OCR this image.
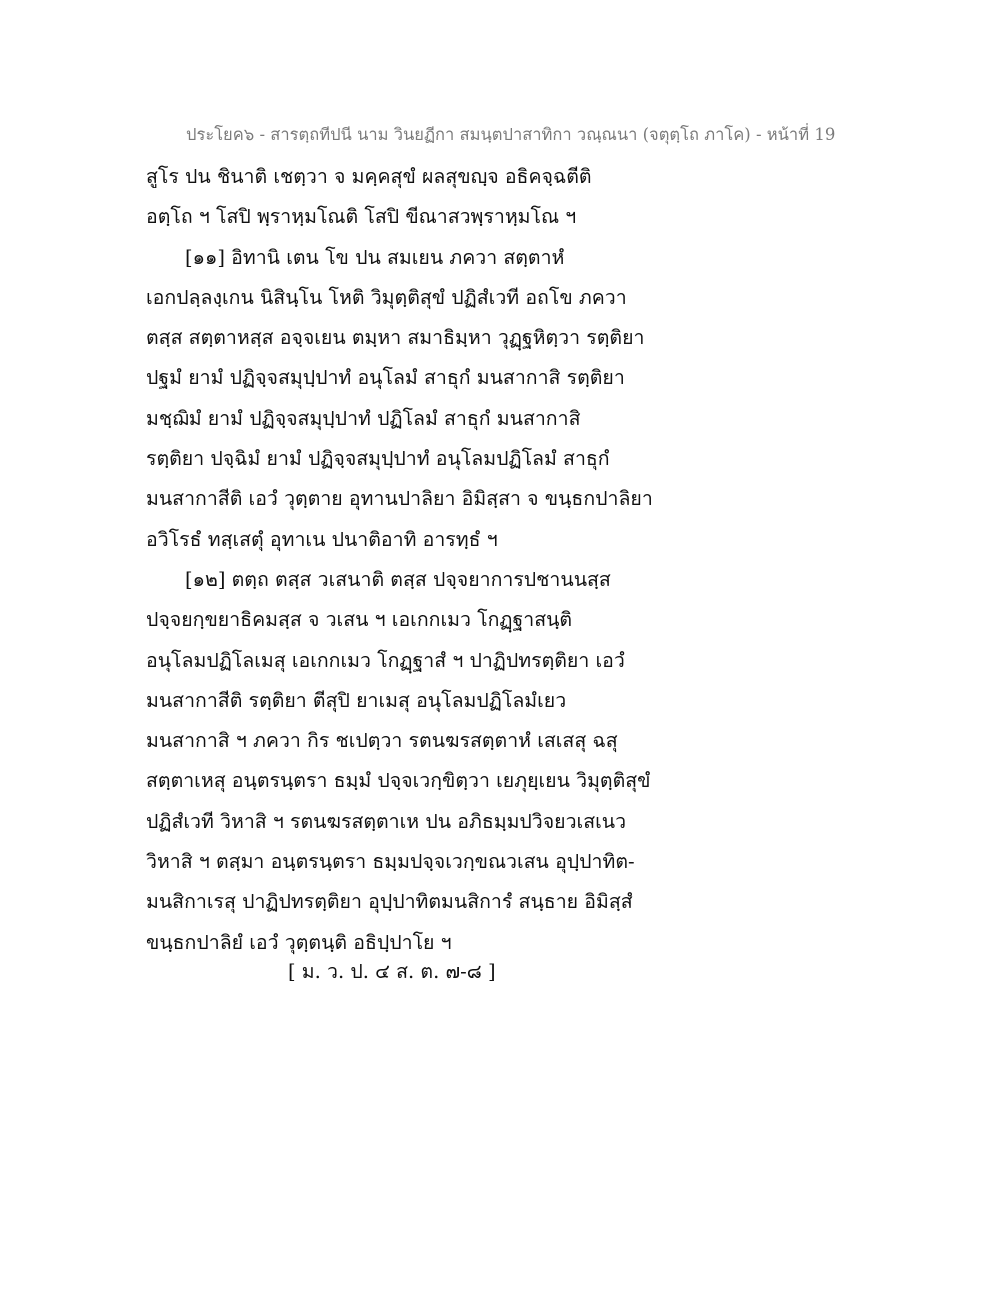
ประโยค๖ - สารตฺถทีปนี นาม วินยฏีกา สมนฺตปาสาทิกา วณฺณนา (จตุตฺโถ ภาโค) - หน้าที่ 19
สูโร ปน ชินาติ เชตฺวา จ มคฺคสุขํ ผลสุขญฺจ อธิคจฺฉตีติ
อตฺโถ ฯ โสปิ พฺราหฺมโณติ โสปิ ขีณาสวพฺราหฺมโณ ฯ
[๑๑] อิทานิ เตน โข ปน สมเยน ภควา สตฺตาหํ
เอกปลฺลงฺเกน นิสินฺโน โหติ วิมุตฺติสุขํ ปฏิสํเวที อถโข ภควา
ตสฺส สตฺตาหสฺส อจฺจเยน ตมฺหา สมาธิมฺหา วุฏฺฐหิตฺวา รตฺติยา
ปฐมํ ยามํ ปฏิจฺจสมุปฺปาทํ อนุโลมํ สาธุกํ มนสากาสิ รตฺติยา
มชฺฌิมํ ยามํ ปฏิจฺจสมุปฺปาทํ ปฏิโลมํ สาธุกํ มนสากาสิ
รตฺติยา ปจฺฉิมํ ยามํ ปฏิจฺจสมุปฺปาทํ อนุโลมปฏิโลมํ สาธุกํ
มนสากาสีติ เอวํ วุตฺตาย อุทานปาลิยา อิมิสฺสา จ ขนฺธกปาลิยา
อวิโรธํ ทสฺเสตุํ อุทาเน ปนาติอาทิ อารทฺธํ ฯ
[๑๒] ตตฺถ ตสฺส วเสนาติ ตสฺส ปจฺจยาการปชานนสฺส
ปจฺจยกฺขยาธิคมสฺส จ วเสน ฯ เอเกกเมว โกฏฺฐาสนฺติ
อนุโลมปฏิโลเมสุ เอเกกเมว โกฏฺฐาสํ ฯ ปาฏิปทรตฺติยา เอวํ
มนสากาสีติ รตฺติยา ตีสุปิ ยาเมสุ อนุโลมปฏิโลมํเยว
มนสากาสิ ฯ ภควา กิร ชเปตฺวา รตนฆรสตฺตาหํ เสเสสุ ฉสุ
สตฺตาเหสุ อนฺตรนฺตรา ธมฺมํ ปจฺจเวกฺขิตฺวา เยภุยฺเยน วิมุตฺติสุขํ
ปฏิสํเวที วิหาสิ ฯ รตนฆรสตฺตาเห ปน อภิธมฺมปวิจยวเสเนว
วิหาสิ ฯ ตสฺมา อนฺตรนฺตรา ธมฺมปจฺจเวกฺขณวเสน อุปฺปาทิต-
มนสิกาเรสุ ปาฏิปทรตฺติยา อุปฺปาทิตมนสิการํ สนฺธาย อิมิสฺสํ
ขนฺธกปาลิยํ เอวํ วุตฺตนฺติ อธิปฺปาโย ฯ
[ ม. ว. ป. ๔ ส. ต. ๗-๘ ]
